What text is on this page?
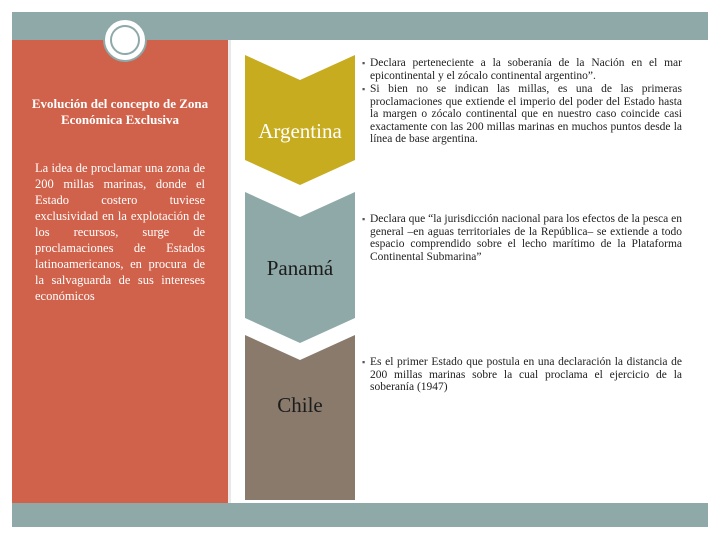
Evolución del concepto de Zona Económica Exclusiva
La idea de proclamar una zona de 200 millas marinas, donde el Estado costero tuviese exclusividad en la explotación de los recursos, surge de proclamaciones de Estados latinoamericanos, en procura de la salvaguarda de sus intereses económicos
Argentina
Panamá
Chile
▪ Declara perteneciente a la soberanía de la Nación en el mar epicontinental y el zócalo continental argentino”.
▪ Si bien no se indican las millas, es una de las primeras proclamaciones que extiende el imperio del poder del Estado hasta la margen o zócalo continental que en nuestro caso coincide casi exactamente con las 200 millas marinas en muchos puntos desde la línea de base argentina.
▪ Declara que “la jurisdicción nacional para los efectos de la pesca en general –en aguas territoriales de la República– se extiende a todo espacio comprendido sobre el lecho marítimo de la Plataforma Continental Submarina”
▪ Es el primer Estado que postula en una declaración la distancia de 200 millas marinas sobre la cual proclama el ejercicio de la soberanía (1947)
